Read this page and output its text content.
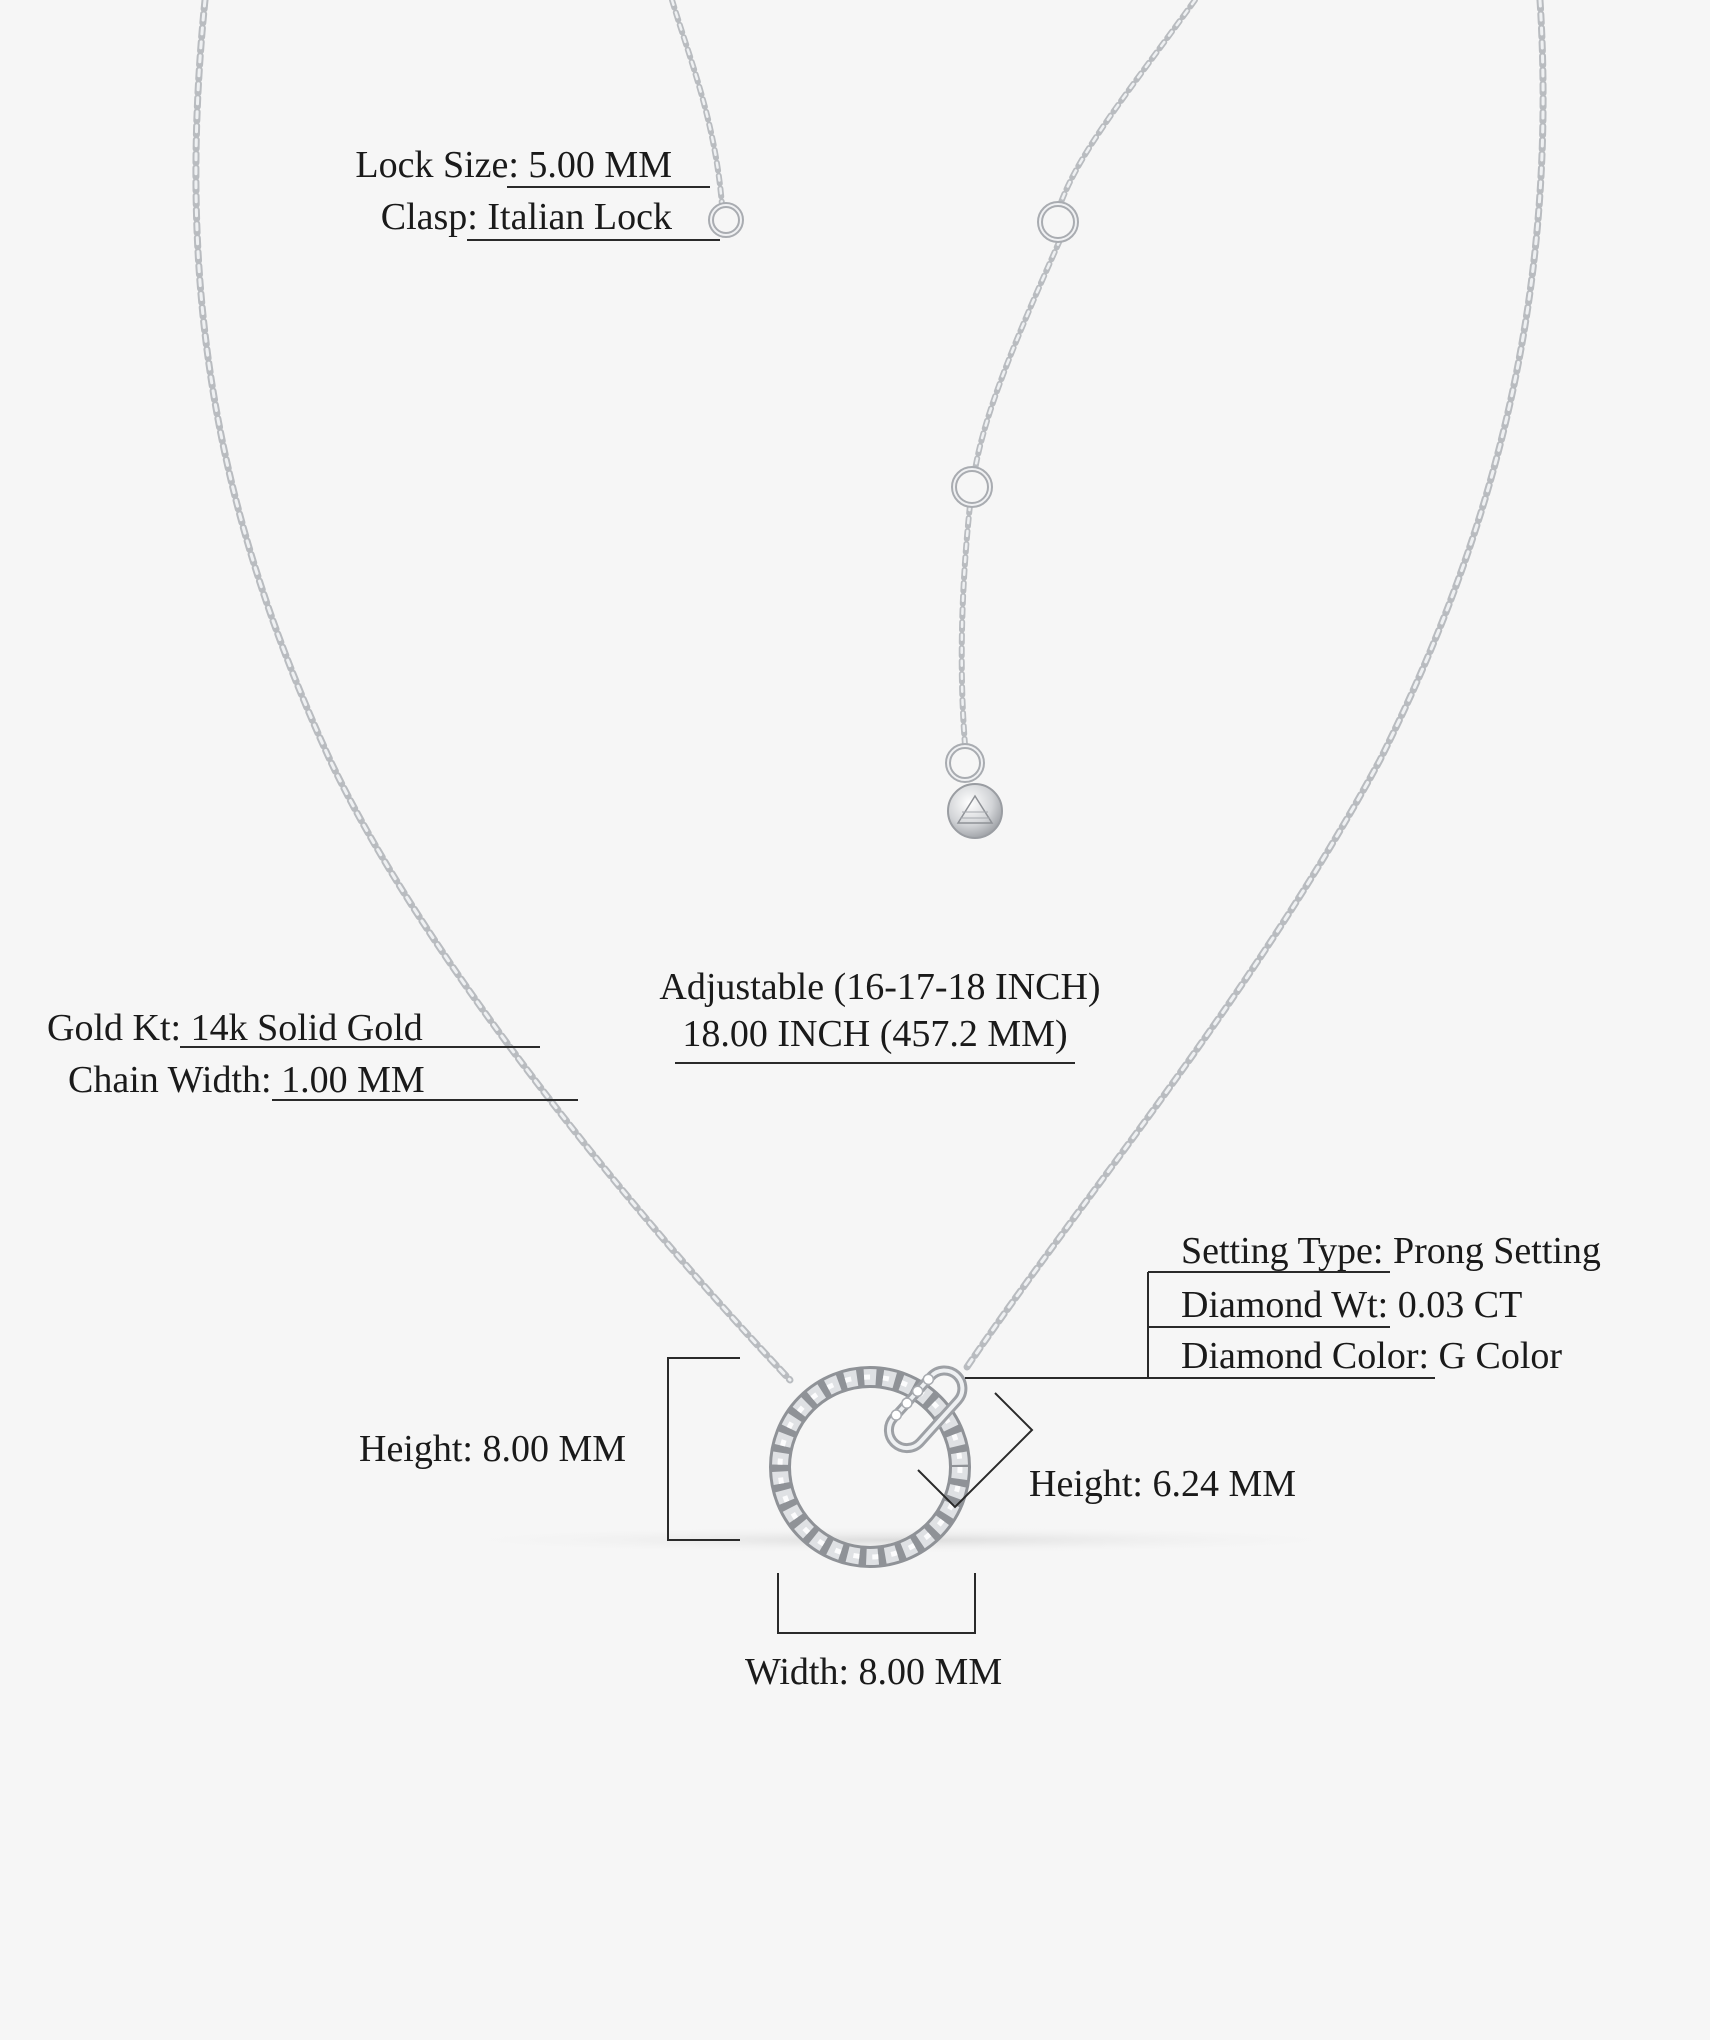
Lock Size: 5.00 MM
Clasp: Italian Lock
Adjustable (16-17-18 INCH)
18.00 INCH (457.2 MM)
Gold Kt: 14k Solid Gold
Chain Width: 1.00 MM
Setting Type: Prong Setting
Diamond Wt: 0.03 CT
Diamond Color: G Color
Height: 8.00 MM
Height: 6.24 MM
Width: 8.00 MM
